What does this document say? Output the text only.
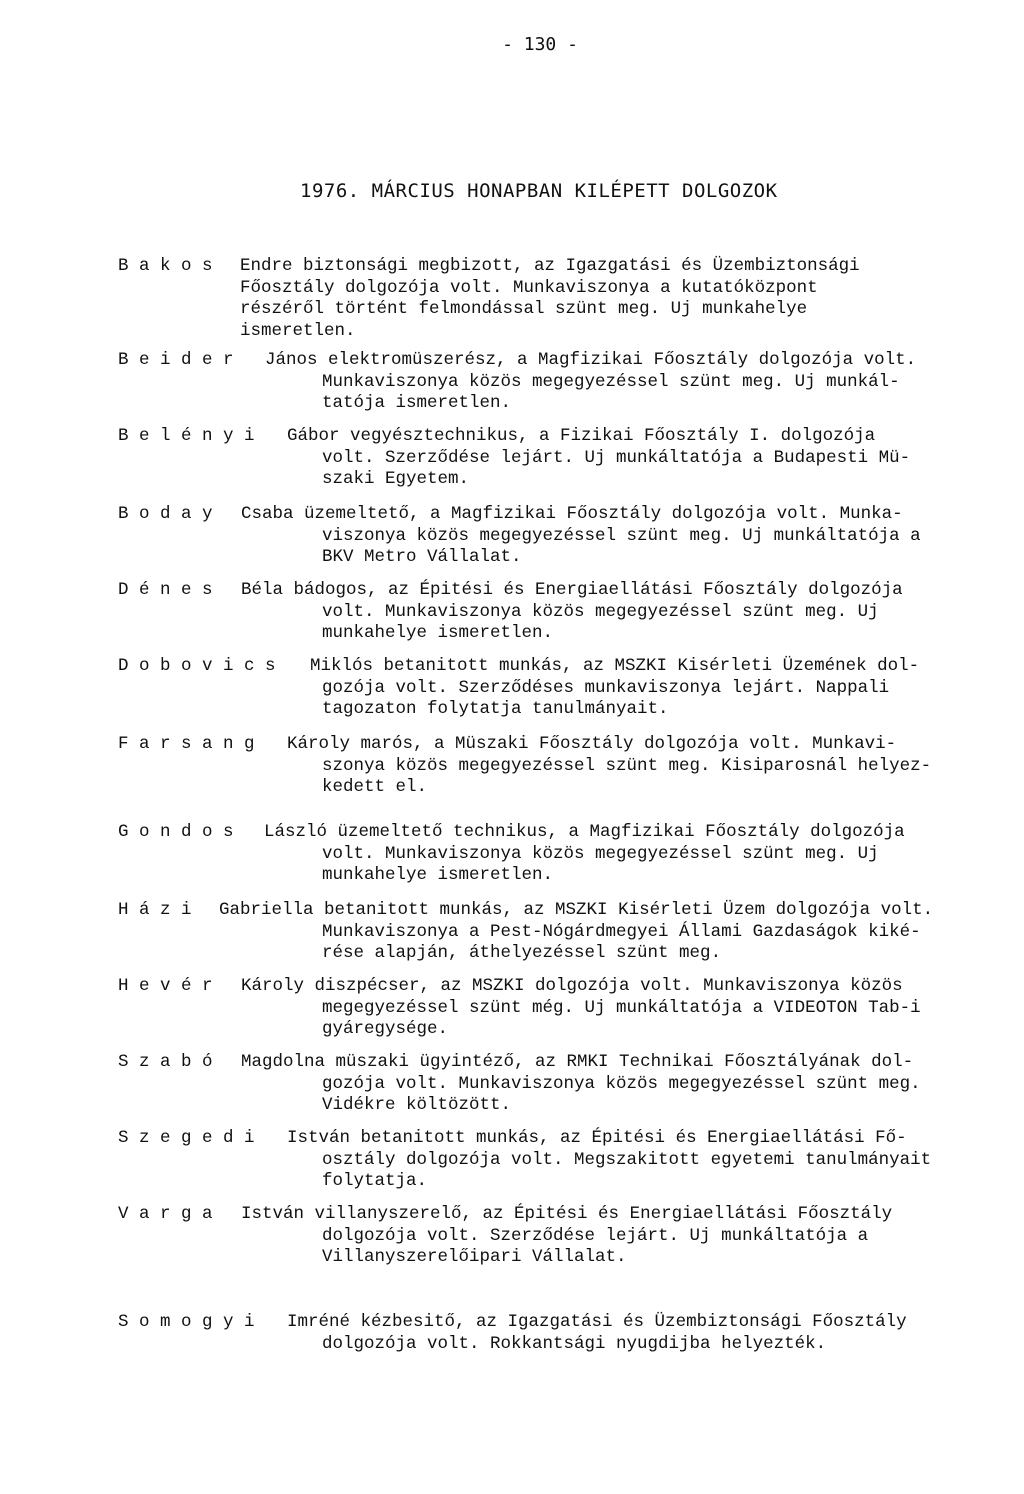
- 130 -
1976. MÁRCIUS HONAPBAN KILÉPETT DOLGOZOK
B a k o s Endre biztonsági megbizott, az Igazgatási és Üzembiztonsági
Főosztály dolgozója volt. Munkaviszonya a kutatóközpont
részéről történt felmondással szünt meg. Uj munkahelye
ismeretlen.
B e i d e r János elektromüszerész, a Magfizikai Főosztály dolgozója volt.
Munkaviszonya közös megegyezéssel szünt meg. Uj munkál-
tatója ismeretlen.
B e l é n y i Gábor vegyésztechnikus, a Fizikai Főosztály I. dolgozója
volt. Szerződése lejárt. Uj munkáltatója a Budapesti Mü-
szaki Egyetem.
B o d a y Csaba üzemeltető, a Magfizikai Főosztály dolgozója volt. Munka-
viszonya közös megegyezéssel szünt meg. Uj munkáltatója a
BKV Metro Vállalat.
D é n e s Béla bádogos, az Épitési és Energiaellátási Főosztály dolgozója
volt. Munkaviszonya közös megegyezéssel szünt meg. Uj
munkahelye ismeretlen.
D o b o v i c s Miklós betanitott munkás, az MSZKI Kisérleti Üzemének dol-
gozója volt. Szerződéses munkaviszonya lejárt. Nappali
tagozaton folytatja tanulmányait.
F a r s a n g Károly marós, a Müszaki Főosztály dolgozója volt. Munkavi-
szonya közös megegyezéssel szünt meg. Kisiparosnál helyez-
kedett el.
G o n d o s László üzemeltető technikus, a Magfizikai Főosztály dolgozója
volt. Munkaviszonya közös megegyezéssel szünt meg. Uj
munkahelye ismeretlen.
H á z i Gabriella betanitott munkás, az MSZKI Kisérleti Üzem dolgozója volt.
Munkaviszonya a Pest-Nógárdmegyei Állami Gazdaságok kiké-
rése alapján, áthelyezéssel szünt meg.
H e v é r Károly diszpécser, az MSZKI dolgozója volt. Munkaviszonya közös
megegyezéssel szünt még. Uj munkáltatója a VIDEOTON Tab-i
gyáregysége.
S z a b ó Magdolna müszaki ügyintéző, az RMKI Technikai Főosztályának dol-
gozója volt. Munkaviszonya közös megegyezéssel szünt meg.
Vidékre költözött.
S z e g e d i István betanitott munkás, az Épitési és Energiaellátási Fő-
osztály dolgozója volt. Megszakitott egyetemi tanulmányait
folytatja.
V a r g a István villanyszerelő, az Épitési és Energiaellátási Főosztály
dolgozója volt. Szerződése lejárt. Uj munkáltatója a
Villanyszerelőipari Vállalat.
S o m o g y i Imréné kézbesitő, az Igazgatási és Üzembiztonsági Főosztály
dolgozója volt. Rokkantsági nyugdijba helyezték.
